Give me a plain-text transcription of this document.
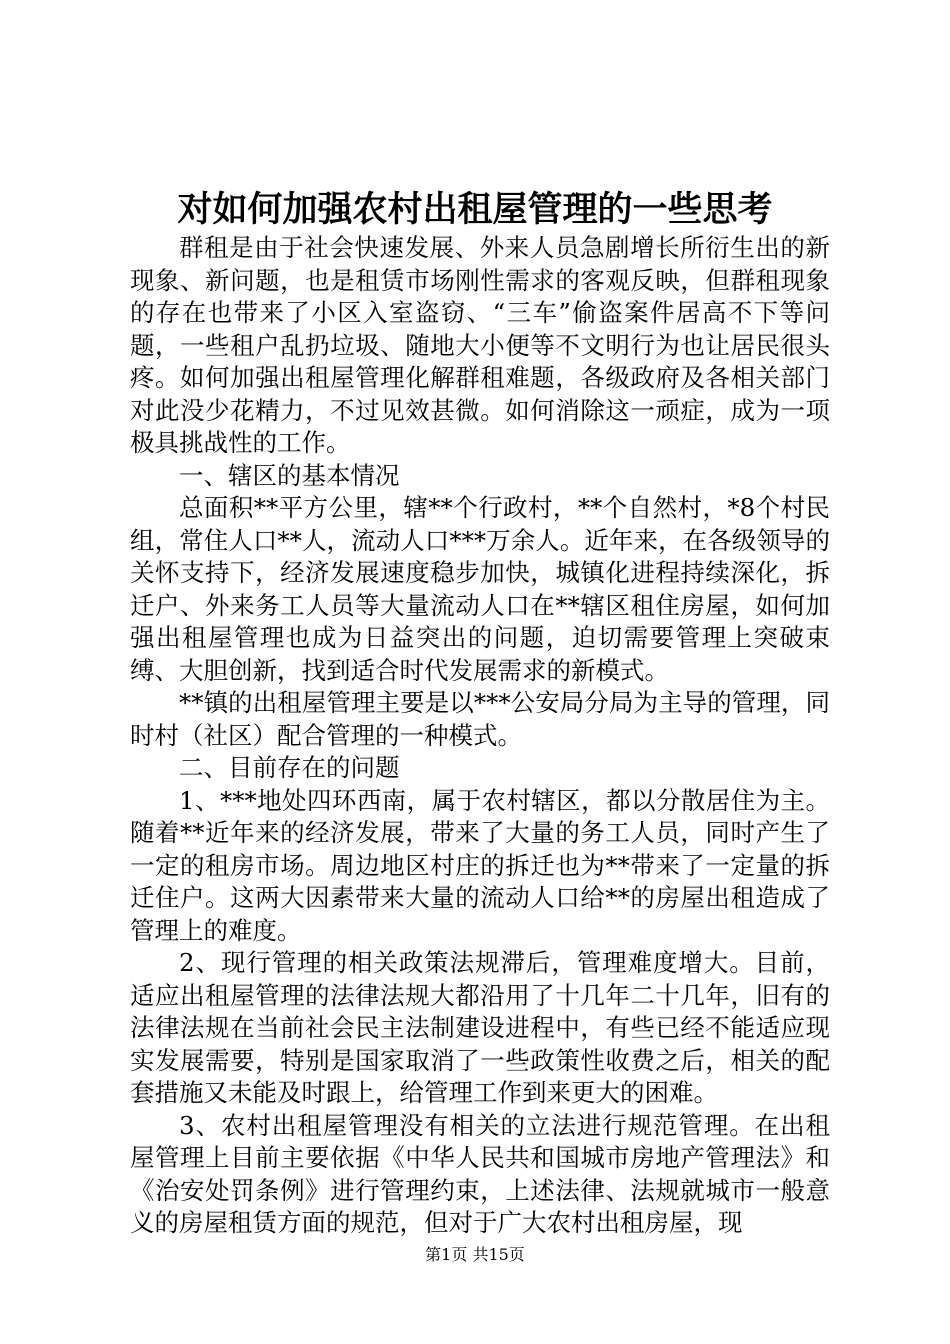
对如何加强农村出租屋管理的一些思考

群租是由于社会快速发展、外来人员急剧增长所衍生出的新现象、新问题，也是租赁市场刚性需求的客观反映，但群租现象的存在也带来了小区入室盗窃、“三车”偷盗案件居高不下等问题，一些租户乱扔垃圾、随地大小便等不文明行为也让居民很头疼。如何加强出租屋管理化解群租难题，各级政府及各相关部门对此没少花精力，不过见效甚微。如何消除这一顽症，成为一项极具挑战性的工作。

一、辖区的基本情况

总面积**平方公里，辖**个行政村，**个自然村，*8个村民组，常住人口**人，流动人口***万余人。近年来，在各级领导的关怀支持下，经济发展速度稳步加快，城镇化进程持续深化，拆迁户、外来务工人员等大量流动人口在**辖区租住房屋，如何加强出租屋管理也成为日益突出的问题，迫切需要管理上突破束缚、大胆创新，找到适合时代发展需求的新模式。

**镇的出租屋管理主要是以***公安局分局为主导的管理，同时村（社区）配合管理的一种模式。

二、目前存在的问题

1、***地处四环西南，属于农村辖区，都以分散居住为主。随着**近年来的经济发展，带来了大量的务工人员，同时产生了一定的租房市场。周边地区村庄的拆迁也为**带来了一定量的拆迁住户。这两大因素带来大量的流动人口给**的房屋出租造成了管理上的难度。

2、现行管理的相关政策法规滞后，管理难度增大。目前，适应出租屋管理的法律法规大都沿用了十几年二十几年，旧有的法律法规在当前社会民主法制建设进程中，有些已经不能适应现实发展需要，特别是国家取消了一些政策性收费之后，相关的配套措施又未能及时跟上，给管理工作到来更大的困难。

3、农村出租屋管理没有相关的立法进行规范管理。在出租屋管理上目前主要依据《中华人民共和国城市房地产管理法》和《治安处罚条例》进行管理约束，上述法律、法规就城市一般意义的房屋租赁方面的规范，但对于广大农村出租房屋，现

第1页 共15页
